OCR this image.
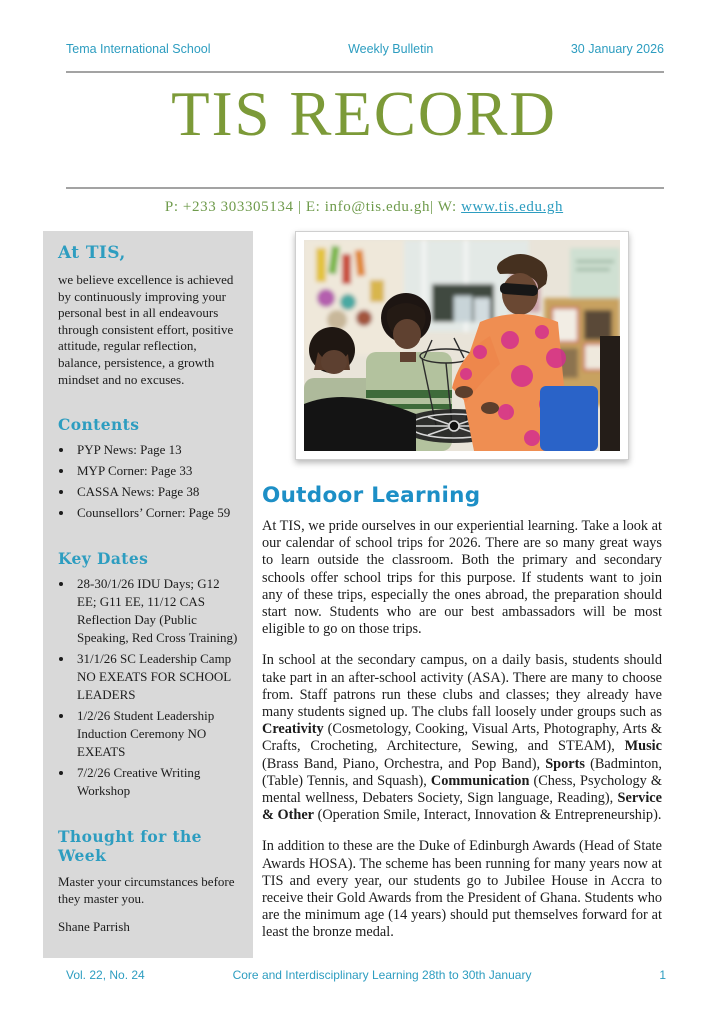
Tema International School	Weekly Bulletin	30 January 2026
TIS RECORD
P: +233 303305134 | E: info@tis.edu.gh| W: www.tis.edu.gh
At TIS,

we believe excellence is achieved by continuously improving your personal best in all endeavours through consistent effort, positive attitude, regular reflection, balance, persistence, a growth mindset and no excuses.

Contents
• PYP News: Page 13
• MYP Corner: Page 33
• CASSA News: Page 38
• Counsellors’ Corner: Page 59
Key Dates
• 28-30/1/26 IDU Days; G12 EE; G11 EE, 11/12 CAS Reflection Day (Public Speaking, Red Cross Training)
• 31/1/26 SC Leadership Camp NO EXEATS FOR SCHOOL LEADERS
• 1/2/26 Student Leadership Induction Ceremony NO EXEATS
• 7/2/26 Creative Writing Workshop
Thought for the Week

Master your circumstances before they master you.

Shane Parrish

Outdoor Learning

At TIS, we pride ourselves in our experiential learning. Take a look at our calendar of school trips for 2026. There are so many great ways to learn outside the classroom. Both the primary and secondary schools offer school trips for this purpose. If students want to join any of these trips, especially the ones abroad, the preparation should start now. Students who are our best ambassadors will be most eligible to go on those trips.

In school at the secondary campus, on a daily basis, students should take part in an after-school activity (ASA). There are many to choose from. Staff patrons run these clubs and classes; they already have many students signed up. The clubs fall loosely under groups such as Creativity (Cosmetology, Cooking, Visual Arts, Photography, Arts & Crafts, Crocheting, Architecture, Sewing, and STEAM), Music (Brass Band, Piano, Orchestra, and Pop Band), Sports (Badminton, (Table) Tennis, and Squash), Communication (Chess, Psychology & mental wellness, Debaters Society, Sign language, Reading), Service & Other (Operation Smile, Interact, Innovation & Entrepreneurship).

In addition to these are the Duke of Edinburgh Awards (Head of State Awards HOSA). The scheme has been running for many years now at TIS and every year, our students go to Jubilee House in Accra to receive their Gold Awards from the President of Ghana. Students who are the minimum age (14 years) should put themselves forward for at least the bronze medal.

Vol. 22, No. 24	Core and Interdisciplinary Learning 28th to 30th January	1
